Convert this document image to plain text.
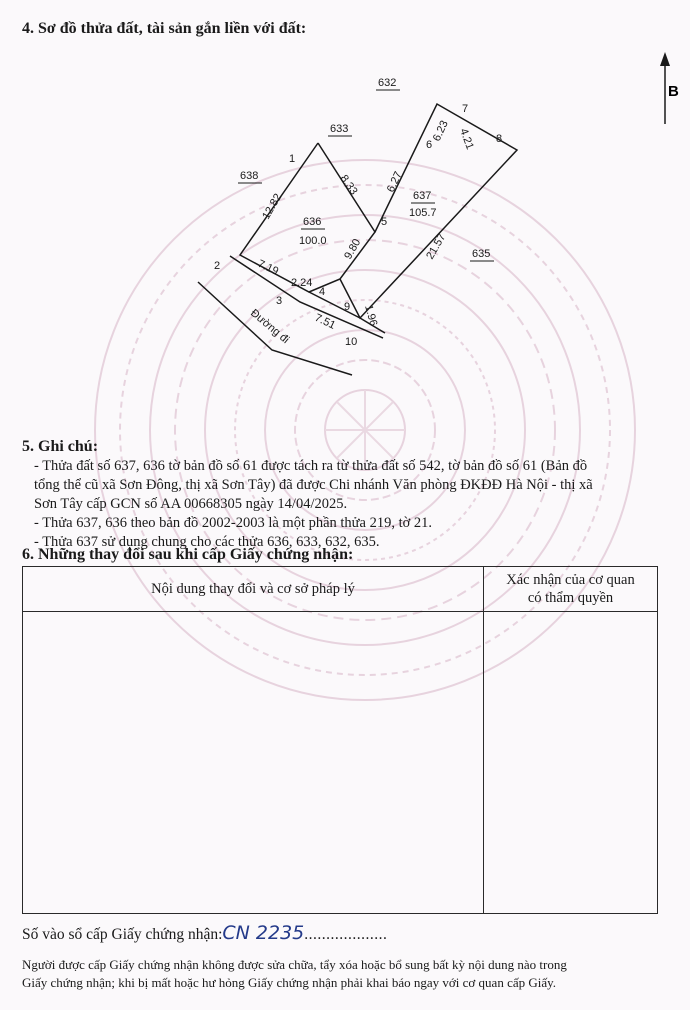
4. Sơ đồ thửa đất, tài sản gắn liền với đất:
B
632
633
638
635
636
100.0
637
105.7
1
2
3
4
5
6
7
8
9
10
12.82
8.33 6.27
6.23 4.21
21.57
9.80
7.19
2.24
7.51 1.96
Đường đi
5. Ghi chú:

- Thửa đất số 637, 636 tờ bản đồ số 61 được tách ra từ thửa đất số 542, tờ bản đồ số 61 (Bản đồ

tổng thể cũ xã Sơn Đông, thị xã Sơn Tây) đã được Chi nhánh Văn phòng ĐKĐĐ Hà Nội - thị xã

Sơn Tây cấp GCN số AA 00668305 ngày 14/04/2025.

- Thửa 637, 636 theo bản đồ 2002-2003 là một phần thửa 219, tờ 21.

- Thửa 637 sử dụng chung cho các thửa 636, 633, 632, 635.

6. Những thay đổi sau khi cấp Giấy chứng nhận:
Nội dung thay đổi và cơ sở pháp lý	Xác nhận của cơ quan
có thẩm quyền

Số vào sổ cấp Giấy chứng nhận:CN 2235...................
Người được cấp Giấy chứng nhận không được sửa chữa, tẩy xóa hoặc bổ sung bất kỳ nội dung nào trong
Giấy chứng nhận; khi bị mất hoặc hư hỏng Giấy chứng nhận phải khai báo ngay với cơ quan cấp Giấy.
